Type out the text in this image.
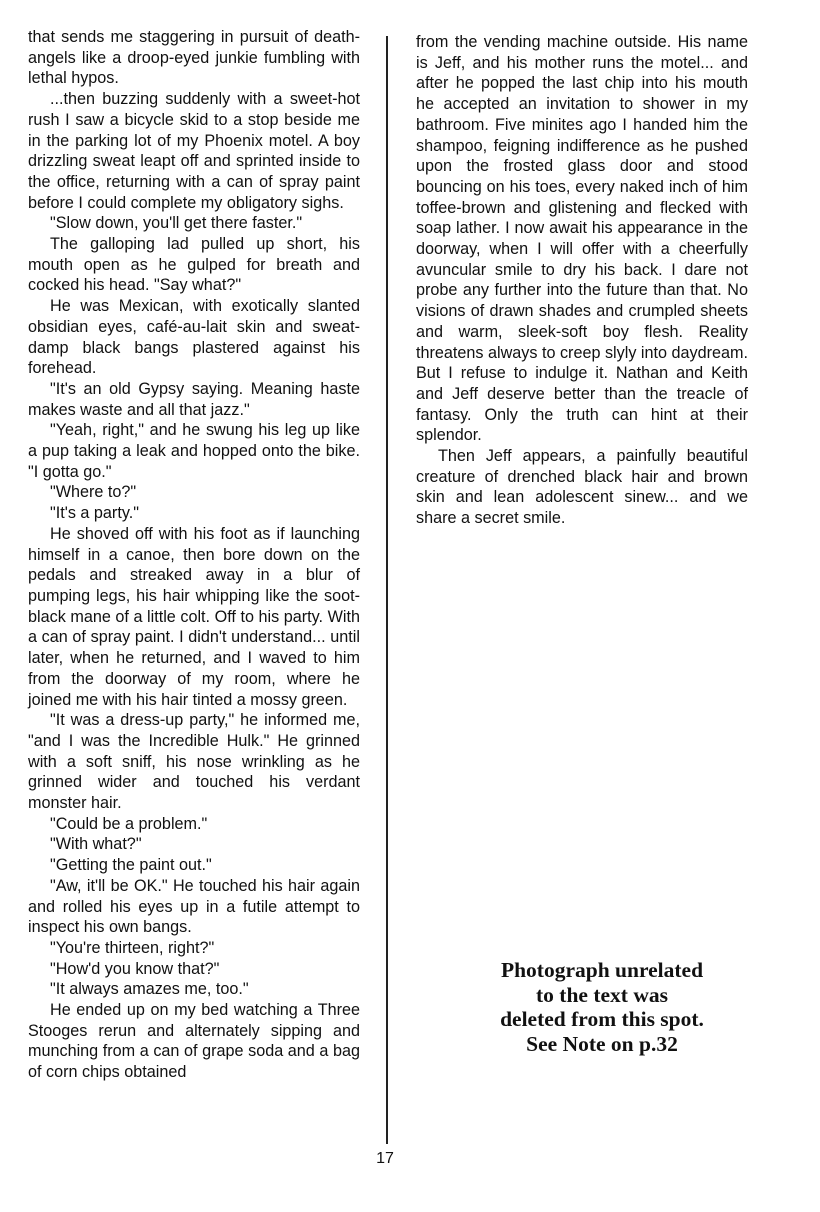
that sends me staggering in pursuit of death-angels like a droop-eyed junkie fumbling with lethal hypos.

...then buzzing suddenly with a sweet-hot rush I saw a bicycle skid to a stop beside me in the parking lot of my Phoenix motel. A boy drizzling sweat leapt off and sprinted inside to the office, returning with a can of spray paint before I could complete my obligatory sighs.

"Slow down, you'll get there faster."

The galloping lad pulled up short, his mouth open as he gulped for breath and cocked his head. "Say what?"

He was Mexican, with exotically slanted obsidian eyes, café-au-lait skin and sweat-damp black bangs plastered against his forehead.

"It's an old Gypsy saying. Meaning haste makes waste and all that jazz."

"Yeah, right," and he swung his leg up like a pup taking a leak and hopped onto the bike. "I gotta go."

"Where to?"

"It's a party."

He shoved off with his foot as if launching himself in a canoe, then bore down on the pedals and streaked away in a blur of pumping legs, his hair whipping like the soot-black mane of a little colt. Off to his party. With a can of spray paint. I didn't understand... until later, when he returned, and I waved to him from the doorway of my room, where he joined me with his hair tinted a mossy green.

"It was a dress-up party," he informed me, "and I was the Incredible Hulk." He grinned with a soft sniff, his nose wrinkling as he grinned wider and touched his verdant monster hair.

"Could be a problem."

"With what?"

"Getting the paint out."

"Aw, it'll be OK." He touched his hair again and rolled his eyes up in a futile attempt to inspect his own bangs.

"You're thirteen, right?"

"How'd you know that?"

"It always amazes me, too."

He ended up on my bed watching a Three Stooges rerun and alternately sipping and munching from a can of grape soda and a bag of corn chips obtained

from the vending machine outside. His name is Jeff, and his mother runs the motel... and after he popped the last chip into his mouth he accepted an invitation to shower in my bathroom. Five minites ago I handed him the shampoo, feigning indifference as he pushed upon the frosted glass door and stood bouncing on his toes, every naked inch of him toffee-brown and glistening and flecked with soap lather. I now await his appearance in the doorway, when I will offer with a cheerfully avuncular smile to dry his back. I dare not probe any further into the future than that. No visions of drawn shades and crumpled sheets and warm, sleek-soft boy flesh. Reality threatens always to creep slyly into daydream. But I refuse to indulge it. Nathan and Keith and Jeff deserve better than the treacle of fantasy. Only the truth can hint at their splendor.

Then Jeff appears, a painfully beautiful creature of drenched black hair and brown skin and lean adolescent sinew... and we share a secret smile.

Photograph unrelated
to the text was
deleted from this spot.
See Note on p.32
17
